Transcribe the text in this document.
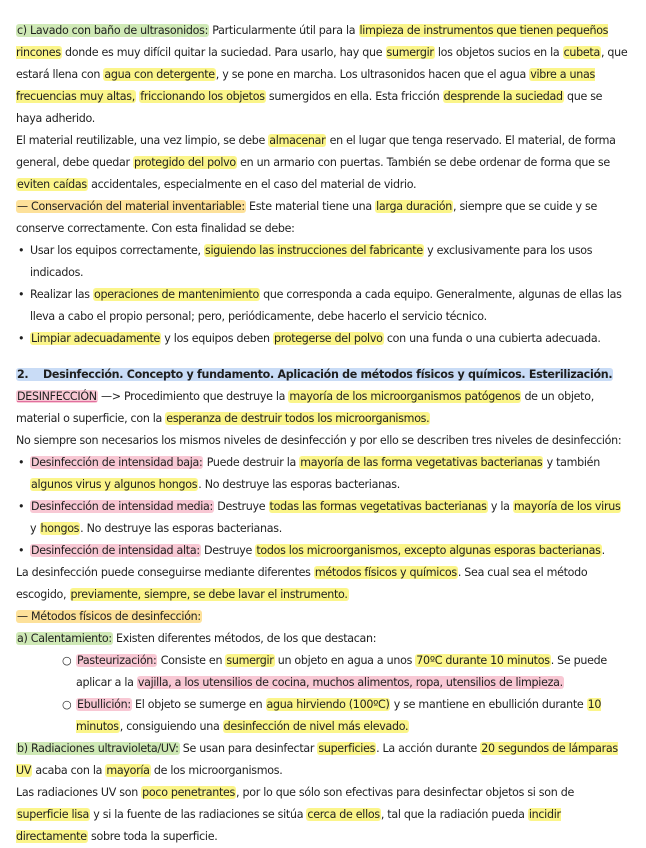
c) Lavado con baño de ultrasonidos: Particularmente útil para la limpieza de instrumentos que tienen pequeños rincones donde es muy difícil quitar la suciedad. Para usarlo, hay que sumergir los objetos sucios en la cubeta, que estará llena con agua con detergente, y se pone en marcha. Los ultrasonidos hacen que el agua vibre a unas frecuencias muy altas, friccionando los objetos sumergidos en ella. Esta fricción desprende la suciedad que se haya adherido.

El material reutilizable, una vez limpio, se debe almacenar en el lugar que tenga reservado. El material, de forma general, debe quedar protegido del polvo en un armario con puertas. También se debe ordenar de forma que se eviten caídas accidentales, especialmente en el caso del material de vidrio.

— Conservación del material inventariable: Este material tiene una larga duración, siempre que se cuide y se conserve correctamente. Con esta finalidad se debe:

• Usar los equipos correctamente, siguiendo las instrucciones del fabricante y exclusivamente para los usos indicados.
• Realizar las operaciones de mantenimiento que corresponda a cada equipo. Generalmente, algunas de ellas las lleva a cabo el propio personal; pero, periódicamente, debe hacerlo el servicio técnico.
• Limpiar adecuadamente y los equipos deben protegerse del polvo con una funda o una cubierta adecuada.

2. Desinfección. Concepto y fundamento. Aplicación de métodos físicos y químicos. Esterilización.

DESINFECCIÓN —> Procedimiento que destruye la mayoría de los microorganismos patógenos de un objeto, material o superficie, con la esperanza de destruir todos los microorganismos.

No siempre son necesarios los mismos niveles de desinfección y por ello se describen tres niveles de desinfección:

• Desinfección de intensidad baja: Puede destruir la mayoría de las forma vegetativas bacterianas y también algunos virus y algunos hongos. No destruye las esporas bacterianas.
• Desinfección de intensidad media: Destruye todas las formas vegetativas bacterianas y la mayoría de los virus y hongos. No destruye las esporas bacterianas.
• Desinfección de intensidad alta: Destruye todos los microorganismos, excepto algunas esporas bacterianas.

La desinfección puede conseguirse mediante diferentes métodos físicos y químicos. Sea cual sea el método escogido, previamente, siempre, se debe lavar el instrumento.

— Métodos físicos de desinfección:

a) Calentamiento: Existen diferentes métodos, de los que destacan:

○ Pasteurización: Consiste en sumergir un objeto en agua a unos 70ºC durante 10 minutos. Se puede aplicar a la vajilla, a los utensilios de cocina, muchos alimentos, ropa, utensilios de limpieza.
○ Ebullición: El objeto se sumerge en agua hirviendo (100ºC) y se mantiene en ebullición durante 10 minutos, consiguiendo una desinfección de nivel más elevado.

b) Radiaciones ultravioleta/UV: Se usan para desinfectar superficies. La acción durante 20 segundos de lámparas UV acaba con la mayoría de los microorganismos.

Las radiaciones UV son poco penetrantes, por lo que sólo son efectivas para desinfectar objetos si son de superficie lisa y si la fuente de las radiaciones se sitúa cerca de ellos, tal que la radiación pueda incidir directamente sobre toda la superficie.
